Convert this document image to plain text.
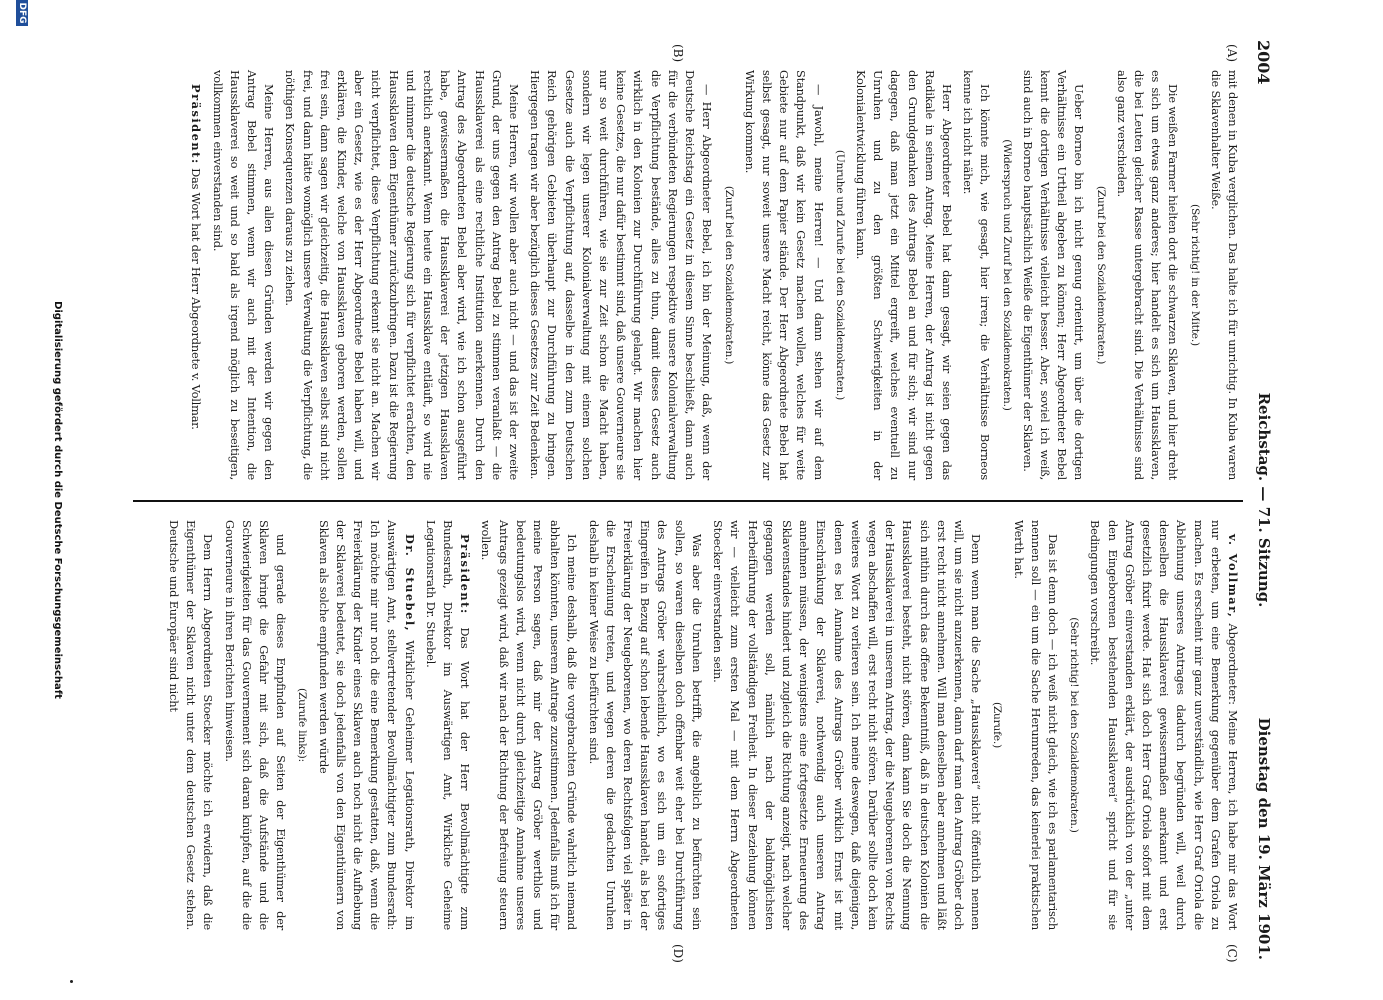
2004
Reichstag. — 71. Sitzung.
Dienstag den 19. März 1901.
(A)
(B)
(C)
(D)

mit denen in Kuba verglichen. Das halte ich für unrichtig. In Kuba waren die Sklavenhalter Weiße.

(Sehr richtig! in der Mitte.)

Die weißen Farmer hielten dort die schwarzen Sklaven, und hier dreht es sich um etwas ganz anderes; hier handelt es sich um Haussklaven, die bei Leuten gleicher Rasse untergebracht sind. Die Verhältnisse sind also ganz verschieden.

(Zuruf bei den Sozialdemokraten.)

Ueber Borneo bin ich nicht genug orientirt, um über die dortigen Verhältnisse ein Urtheil abgeben zu können; Herr Abgeordneter Bebel kennt die dortigen Verhältnisse vielleicht besser. Aber, soviel ich weiß, sind auch in Borneo hauptsächlich Weiße die Eigenthümer der Sklaven.

(Widerspruch und Zuruf bei den Sozialdemokraten.)

Ich könnte mich, wie gesagt, hier irren; die Verhältnisse Borneos kenne ich nicht näher.

Herr Abgeordneter Bebel hat dann gesagt, wir seien gegen das Radikale in seinem Antrag. Meine Herren, der Antrag ist nicht gegen den Grundgedanken des Antrags Bebel an und für sich; wir sind nur dagegen, daß man jetzt ein Mittel ergreift, welches eventuell zu Unruhen und zu den größten Schwierigkeiten in der Kolonialentwicklung führen kann.

(Unruhe und Zurufe bei den Sozialdemokraten.)

— Jawohl, meine Herren! — Und dann stehen wir auf dem Standpunkt, daß wir kein Gesetz machen wollen, welches für weite Gebiete nur auf dem Papier stände. Der Herr Abgeordnete Bebel hat selbst gesagt, nur soweit unsere Macht reicht, könne das Gesetz zur Wirkung kommen.

(Zuruf bei den Sozialdemokraten.)

— Herr Abgeordneter Bebel, ich bin der Meinung, daß, wenn der Deutsche Reichstag ein Gesetz in diesem Sinne beschließt, dann auch für die verbündeten Regierungen respektive unsere Kolonialverwaltung die Verpflichtung bestände, alles zu thun, damit dieses Gesetz auch wirklich in den Kolonien zur Durchführung gelangt. Wir machen hier keine Gesetze, die nur dafür bestimmt sind, daß unsere Gouverneure sie nur so weit durchführen, wie sie zur Zeit schon die Macht haben, sondern wir legen unserer Kolonialverwaltung mit einem solchen Gesetze auch die Verpflichtung auf, dasselbe in den zum Deutschen Reich gehörigen Gebieten überhaupt zur Durchführung zu bringen. Hiergegen tragen wir aber bezüglich dieses Gesetzes zur Zeit Bedenken.

Meine Herren, wir wollen aber auch nicht — und das ist der zweite Grund, der uns gegen den Antrag Bebel zu stimmen veranlaßt — die Haussklaverei als eine rechtliche Institution anerkennen. Durch den Antrag des Abgeordneten Bebel aber wird, wie ich schon ausgeführt habe, gewissermaßen die Haussklaverei der jetzigen Haussklaven rechtlich anerkannt. Wenn heute ein Haussklave entläuft, so wird nie und nimmer die deutsche Regierung sich für verpflichtet erachten, den Haussklaven dem Eigenthümer zurückzubringen. Dazu ist die Regierung nicht verpflichtet, diese Verpflichtung erkennt sie nicht an. Machen wir aber ein Gesetz, wie es der Herr Abgeordnete Bebel haben will, und erklären, die Kinder, welche von Haussklaven geboren werden, sollen frei sein, dann sagen wir gleichzeitig, die Haussklaven selbst sind nicht frei, und dann hätte womöglich unsere Verwaltung die Verpflichtung, die nöthigen Konsequenzen daraus zu ziehen.

Meine Herren, aus allen diesen Gründen werden wir gegen den Antrag Bebel stimmen, wenn wir auch mit der Intention, die Haussklaverei so weit und so bald als irgend möglich zu beseitigen, vollkommen einverstanden sind.

Präsident: Das Wort hat der Herr Abgeordnete v. Vollmar.

v. Vollmar, Abgeordneter: Meine Herren, ich habe mir das Wort nur erbeten, um eine Bemerkung gegenüber dem Grafen Oriola zu machen. Es erscheint mir ganz unverständlich, wie Herr Graf Oriola die Ablehnung unseres Antrages dadurch begründen will, weil durch denselben die Haussklaverei gewissermaßen anerkannt und erst gesetzlich fixirt werde. Hat sich doch Herr Graf Oriola sofort mit dem Antrag Gröber einverstanden erklärt, der ausdrücklich von der „unter den Eingeborenen bestehenden Haussklaverei“ spricht und für sie Bedingungen vorschreibt.

(Sehr richtig! bei den Sozialdemokraten.)

Das ist denn doch — ich weiß nicht gleich, wie ich es parlamentarisch nennen soll — ein um die Sache Herumreden, das keinerlei praktischen Werth hat.

(Zurufe.)

Denn wenn man die Sache „Haussklaverei“ nicht öffentlich nennen will, um sie nicht anzuerkennen, dann darf man den Antrag Gröber doch erst recht nicht annehmen. Will man denselben aber annehmen und läßt sich mithin durch das offene Bekenntniß, daß in deutschen Kolonien die Haussklaverei besteht, nicht stören, dann kann Sie doch die Nennung der Haussklaverei in unserem Antrag, der die Neugeborenen von Rechts wegen abschaffen will, erst recht nicht stören. Darüber sollte doch kein weiteres Wort zu verlieren sein. Ich meine deswegen, daß diejenigen, denen es bei Annahme des Antrags Gröber wirklich Ernst ist mit Einschränkung der Sklaverei, nothwendig auch unseren Antrag annehmen müssen, der wenigstens eine fortgesetzte Erneuerung des Sklavenstandes hindert und zugleich die Richtung anzeigt, nach welcher gegangen werden soll, nämlich nach der baldmöglichsten Herbeiführung der vollständigen Freiheit. In dieser Beziehung können wir — vielleicht zum ersten Mal — mit dem Herrn Abgeordneten Stoecker einverstanden sein.

Was aber die Unruhen betrifft, die angeblich zu befürchten sein sollen, so waren dieselben doch offenbar weit eher bei Durchführung des Antrags Gröber wahrscheinlich, wo es sich um ein sofortiges Eingreifen in Bezug auf schon lebende Haussklaven handelt, als bei der Freierklärung der Neugeborenen, wo deren Rechtsfolgen viel später in die Erscheinung treten, und wegen deren die gedachten Unruhen deshalb in keiner Weise zu befürchten sind.

Ich meine deshalb, daß die vorgebrachten Gründe wahrlich niemand abhalten könnten, unserem Antrage zuzustimmen. Jedenfalls muß ich für meine Person sagen, daß mir der Antrag Gröber werthlos und bedeutungslos wird, wenn nicht durch gleichzeitige Annahme unseres Antrags gezeigt wird, daß wir nach der Richtung der Befreiung steuern wollen.

Präsident: Das Wort hat der Herr Bevollmächtigte zum Bundesrath, Direktor im Auswärtigen Amt, Wirkliche Geheime Legationsrath Dr. Stuebel.

Dr. Stuebel, Wirklicher Geheimer Legationsrath, Direktor im Auswärtigen Amt, stellvertretender Bevollmächtigter zum Bundesrath: Ich möchte mir nur noch die eine Bemerkung gestatten, daß, wenn die Freierklärung der Kinder eines Sklaven auch noch nicht die Aufhebung der Sklaverei bedeutet, sie doch jedenfalls von den Eigenthümern von Sklaven als solche empfunden werden würde

(Zurufe links):

und gerade dieses Empfinden auf Seiten der Eigenthümer der Sklaven bringt die Gefahr mit sich, daß die Aufstände und die Schwierigkeiten für das Gouvernement sich daran knüpfen, auf die die Gouverneure in ihren Berichten hinweisen.

Dem Herrn Abgeordneten Stoecker möchte ich erwidern, daß die Eigenthümer der Sklaven nicht unter dem deutschen Gesetz stehen. Deutsche und Europäer sind nicht

Digitalisierung gefördert durch die Deutsche Forschungsgemeinschaft
DFG
